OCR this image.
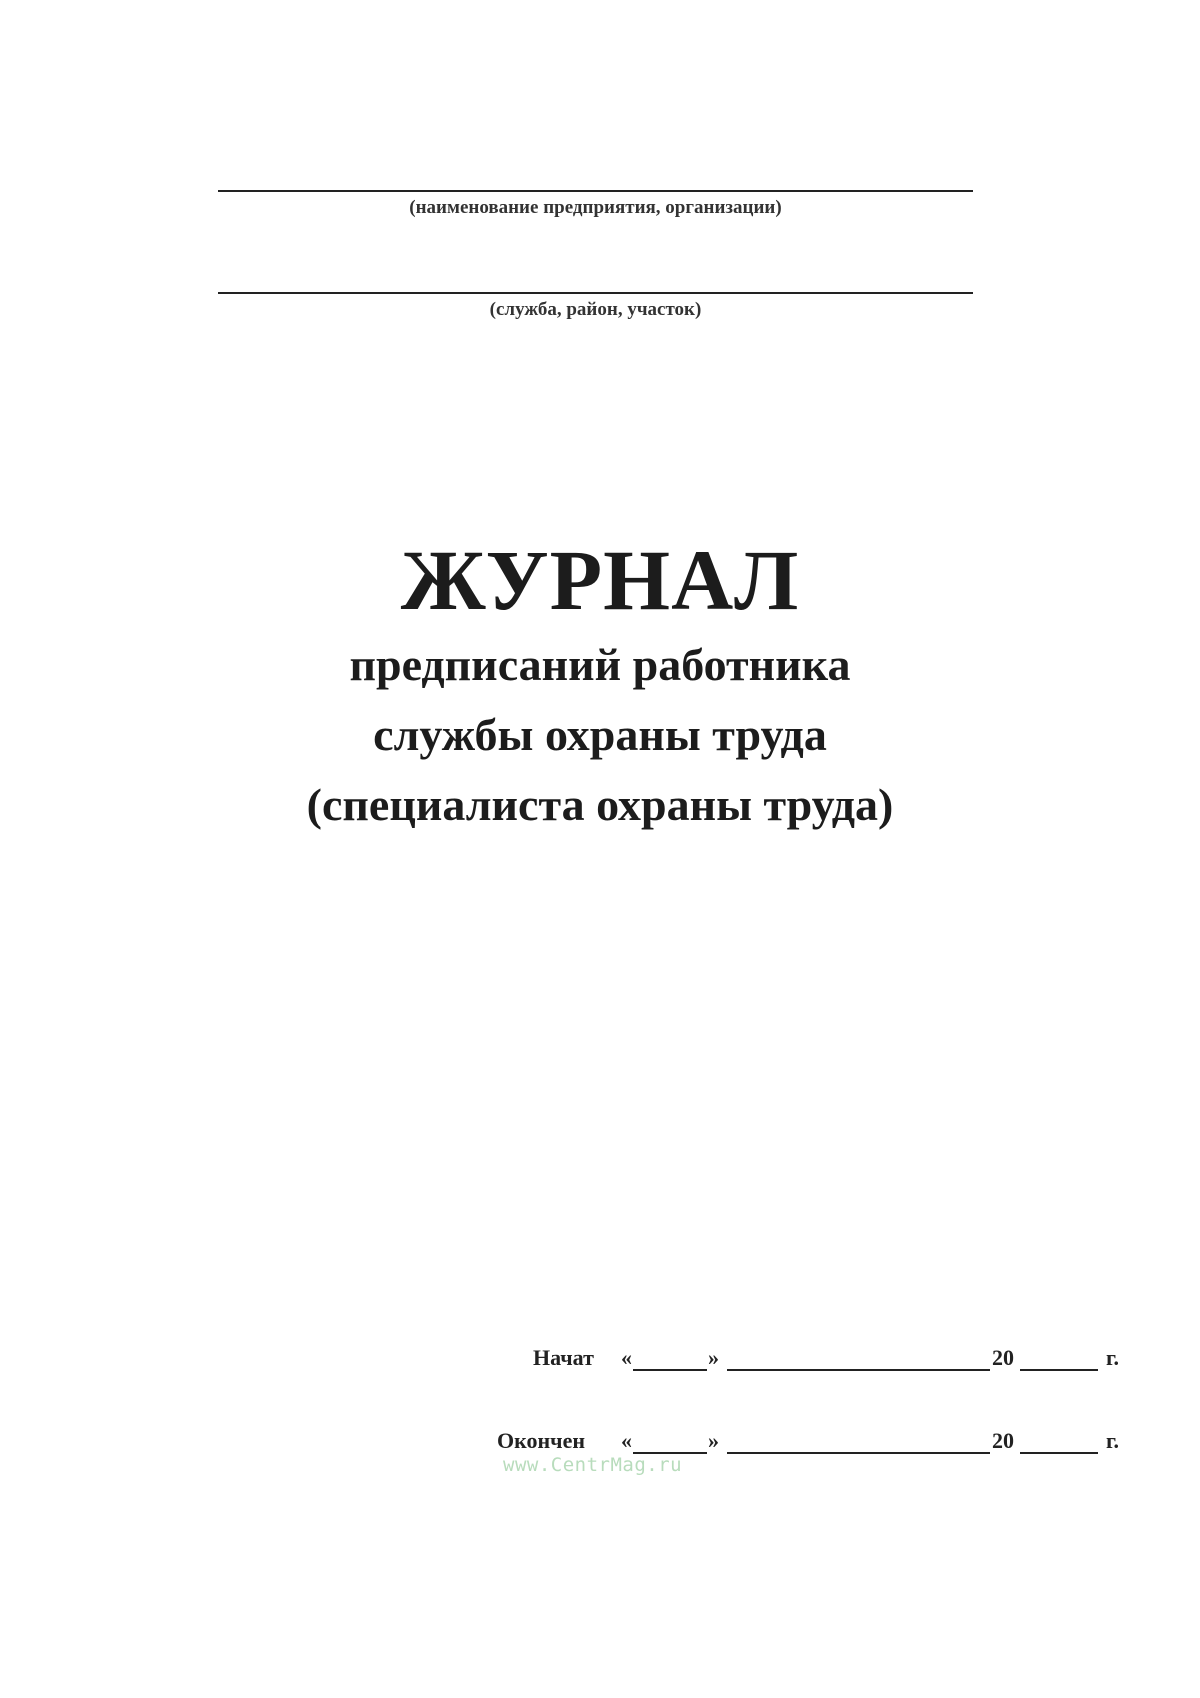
(наименование предприятия, организации)
(служба, район, участок)
ЖУРНАЛ
предписаний работника
службы охраны труда
(специалиста охраны труда)
Начат «	»	20	г.
Окончен «	»	20	г.
www.CentrMag.ru
